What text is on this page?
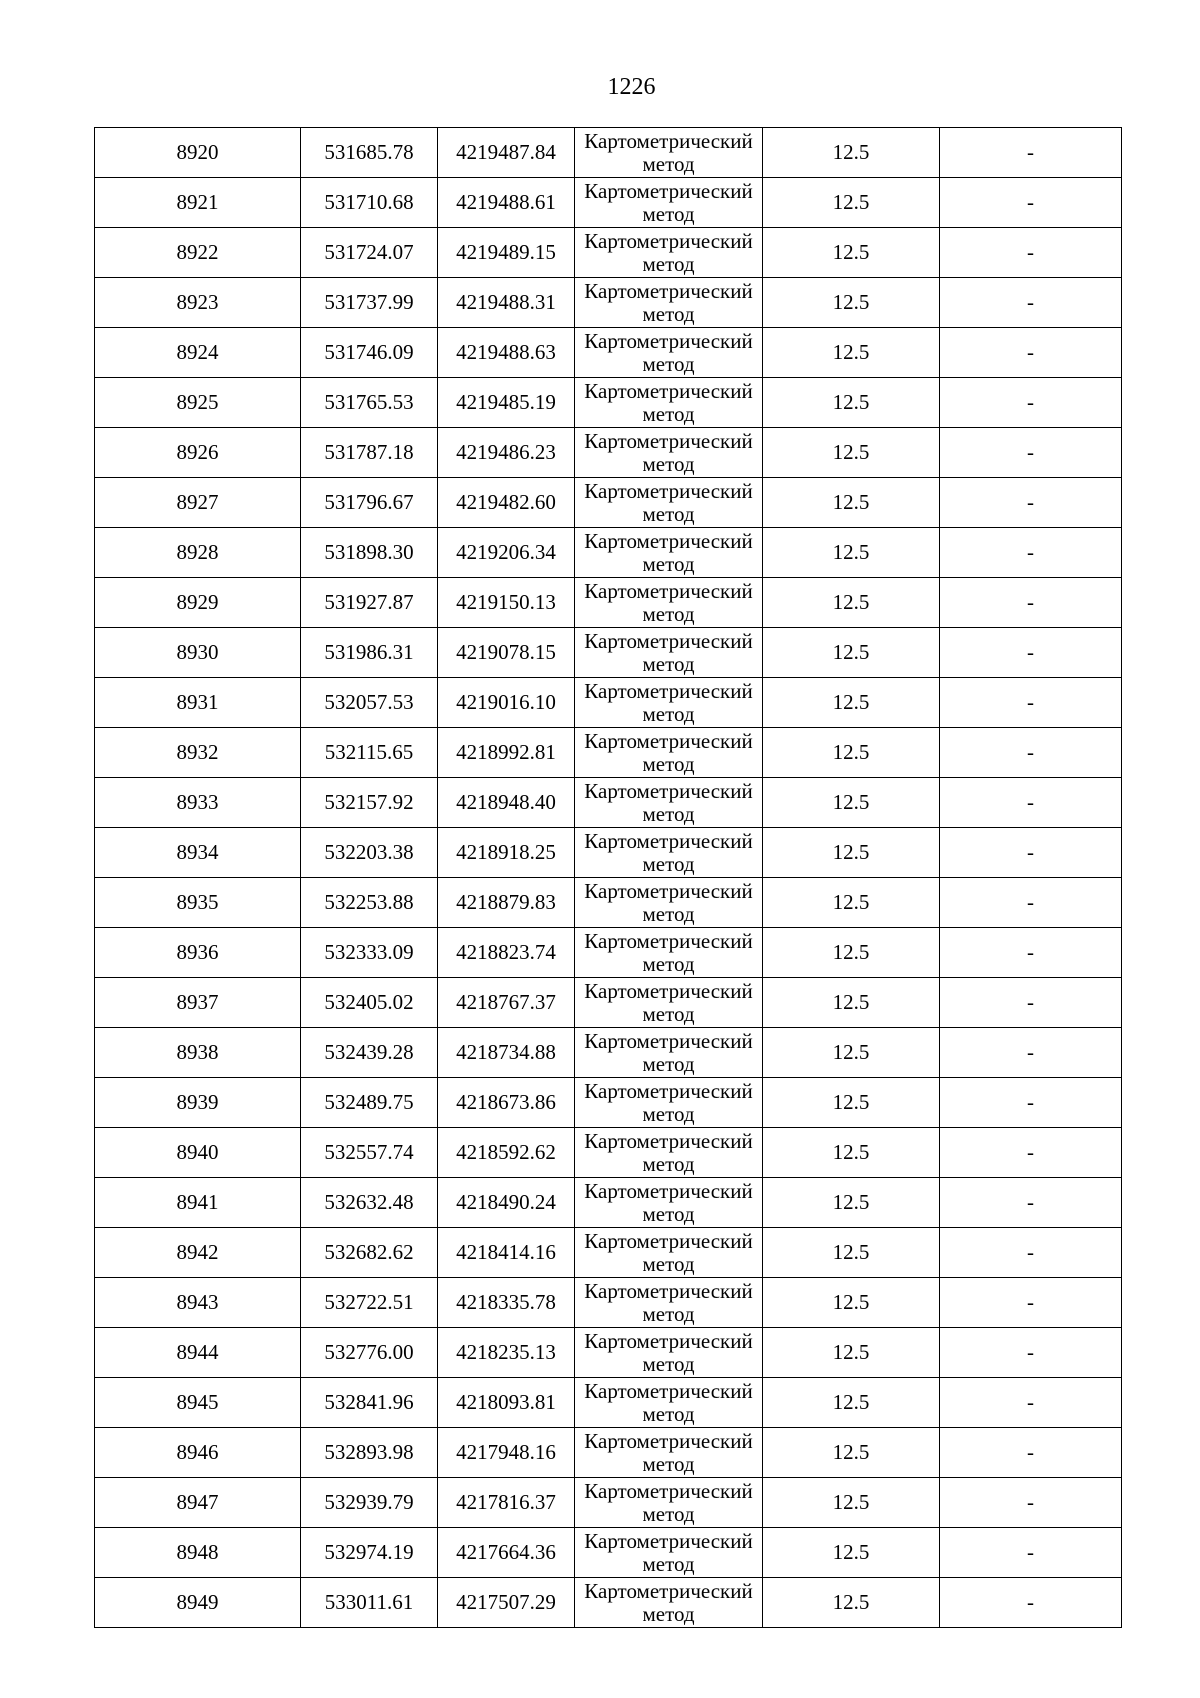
1226
8920	531685.78	4219487.84	Картометрический метод	12.5	-
8921	531710.68	4219488.61	Картометрический метод	12.5	-
8922	531724.07	4219489.15	Картометрический метод	12.5	-
8923	531737.99	4219488.31	Картометрический метод	12.5	-
8924	531746.09	4219488.63	Картометрический метод	12.5	-
8925	531765.53	4219485.19	Картометрический метод	12.5	-
8926	531787.18	4219486.23	Картометрический метод	12.5	-
8927	531796.67	4219482.60	Картометрический метод	12.5	-
8928	531898.30	4219206.34	Картометрический метод	12.5	-
8929	531927.87	4219150.13	Картометрический метод	12.5	-
8930	531986.31	4219078.15	Картометрический метод	12.5	-
8931	532057.53	4219016.10	Картометрический метод	12.5	-
8932	532115.65	4218992.81	Картометрический метод	12.5	-
8933	532157.92	4218948.40	Картометрический метод	12.5	-
8934	532203.38	4218918.25	Картометрический метод	12.5	-
8935	532253.88	4218879.83	Картометрический метод	12.5	-
8936	532333.09	4218823.74	Картометрический метод	12.5	-
8937	532405.02	4218767.37	Картометрический метод	12.5	-
8938	532439.28	4218734.88	Картометрический метод	12.5	-
8939	532489.75	4218673.86	Картометрический метод	12.5	-
8940	532557.74	4218592.62	Картометрический метод	12.5	-
8941	532632.48	4218490.24	Картометрический метод	12.5	-
8942	532682.62	4218414.16	Картометрический метод	12.5	-
8943	532722.51	4218335.78	Картометрический метод	12.5	-
8944	532776.00	4218235.13	Картометрический метод	12.5	-
8945	532841.96	4218093.81	Картометрический метод	12.5	-
8946	532893.98	4217948.16	Картометрический метод	12.5	-
8947	532939.79	4217816.37	Картометрический метод	12.5	-
8948	532974.19	4217664.36	Картометрический метод	12.5	-
8949	533011.61	4217507.29	Картометрический метод	12.5	-
